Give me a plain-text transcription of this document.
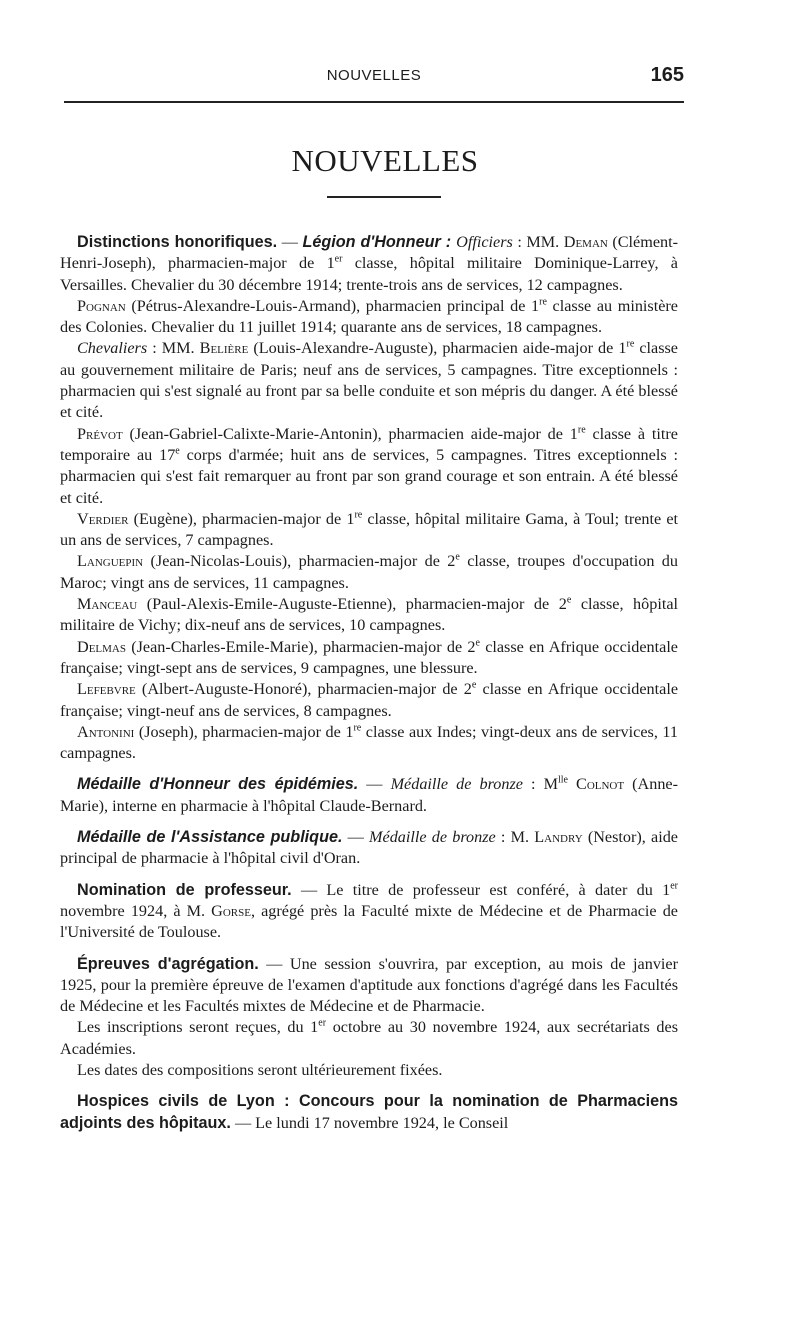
NOUVELLES	165
NOUVELLES

Distinctions honorifiques. — Légion d'Honneur : Officiers : MM. Deman (Clément-Henri-Joseph), pharmacien-major de 1er classe, hôpital militaire Dominique-Larrey, à Versailles. Chevalier du 30 décembre 1914; trente-trois ans de services, 12 campagnes.

Pognan (Pétrus-Alexandre-Louis-Armand), pharmacien principal de 1re classe au ministère des Colonies. Chevalier du 11 juillet 1914; quarante ans de services, 18 campagnes.

Chevaliers : MM. Belière (Louis-Alexandre-Auguste), pharmacien aide-major de 1re classe au gouvernement militaire de Paris; neuf ans de services, 5 campagnes. Titre exceptionnels : pharmacien qui s'est signalé au front par sa belle conduite et son mépris du danger. A été blessé et cité.

Prévot (Jean-Gabriel-Calixte-Marie-Antonin), pharmacien aide-major de 1re classe à titre temporaire au 17e corps d'armée; huit ans de services, 5 campagnes. Titres exceptionnels : pharmacien qui s'est fait remarquer au front par son grand courage et son entrain. A été blessé et cité.

Verdier (Eugène), pharmacien-major de 1re classe, hôpital militaire Gama, à Toul; trente et un ans de services, 7 campagnes.

Languepin (Jean-Nicolas-Louis), pharmacien-major de 2e classe, troupes d'occupation du Maroc; vingt ans de services, 11 campagnes.

Manceau (Paul-Alexis-Emile-Auguste-Etienne), pharmacien-major de 2e classe, hôpital militaire de Vichy; dix-neuf ans de services, 10 campagnes.

Delmas (Jean-Charles-Emile-Marie), pharmacien-major de 2e classe en Afrique occidentale française; vingt-sept ans de services, 9 campagnes, une blessure.

Lefebvre (Albert-Auguste-Honoré), pharmacien-major de 2e classe en Afrique occidentale française; vingt-neuf ans de services, 8 campagnes.

Antonini (Joseph), pharmacien-major de 1re classe aux Indes; vingt-deux ans de services, 11 campagnes.

Médaille d'Honneur des épidémies. — Médaille de bronze : $M^{lle}$ Colnot (Anne-Marie), interne en pharmacie à l'hôpital Claude-Bernard.

Médaille de l'Assistance publique. — Médaille de bronze : M. Landry (Nestor), aide principal de pharmacie à l'hôpital civil d'Oran.

Nomination de professeur. — Le titre de professeur est conféré, à dater du 1er novembre 1924, à M. Gorse, agrégé près la Faculté mixte de Médecine et de Pharmacie de l'Université de Toulouse.

Épreuves d'agrégation. — Une session s'ouvrira, par exception, au mois de janvier 1925, pour la première épreuve de l'examen d'aptitude aux fonctions d'agrégé dans les Facultés de Médecine et les Facultés mixtes de Médecine et de Pharmacie.

Les inscriptions seront reçues, du 1er octobre au 30 novembre 1924, aux secrétariats des Académies.

Les dates des compositions seront ultérieurement fixées.

Hospices civils de Lyon : Concours pour la nomination de Pharmaciens adjoints des hôpitaux. — Le lundi 17 novembre 1924, le Conseil
